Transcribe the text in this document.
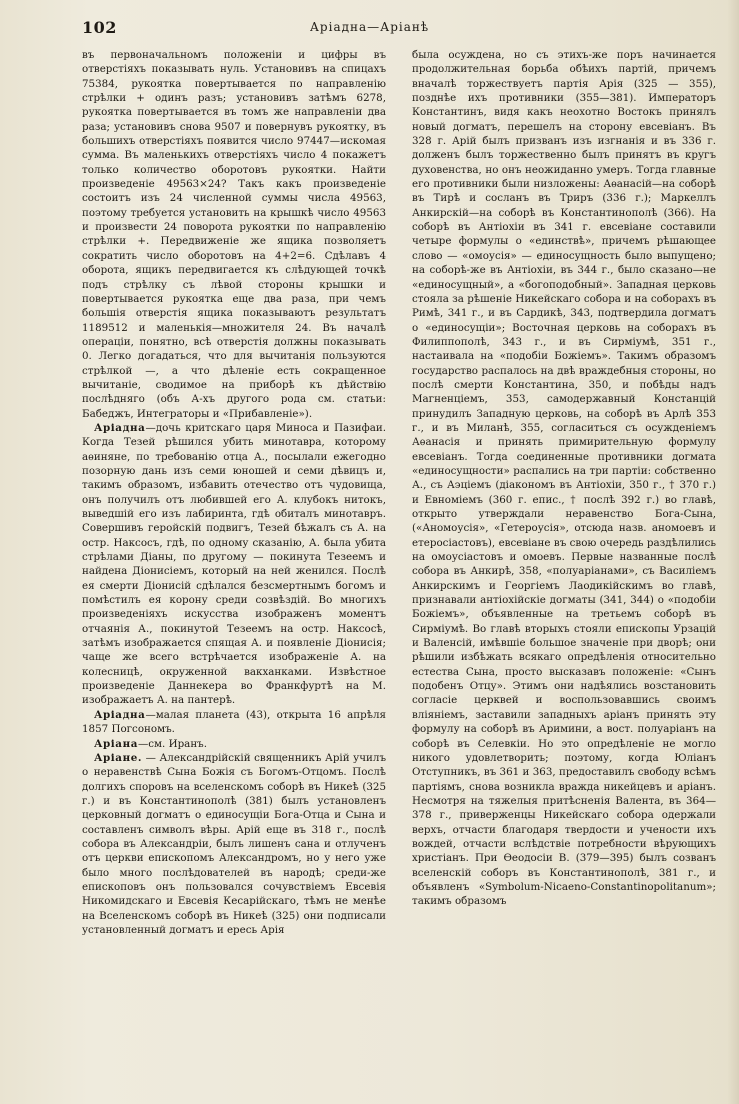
102	Аріадна—Аріанѣ

въ первоначальномъ положеніи и цифры въ отверстіяхъ показывать нуль. Установивъ на спицахъ 75384, рукоятка повертывается по направленію стрѣлки + одинъ разъ; установивъ затѣмъ 6278, рукоятка повертывается въ томъ же направленіи два раза; установивъ снова 9507 и повернувъ рукоятку, въ большихъ отверстіяхъ появится число 97447—искомая сумма. Въ маленькихъ отверстіяхъ число 4 покажетъ только количество оборотовъ рукоятки. Найти произведеніе 49563×24? Такъ какъ произведеніе состоитъ изъ 24 численной суммы числа 49563, поэтому требуется установить на крышкѣ число 49563 и произвести 24 поворота рукоятки по направленію стрѣлки +. Передвиженіе же ящика позволяетъ сократить число оборотовъ на 4+2=6. Сдѣлавъ 4 оборота, ящикъ передвигается къ слѣдующей точкѣ подъ стрѣлку съ лѣвой стороны крышки и повертывается рукоятка еще два раза, при чемъ большія отверстія ящика показываютъ результатъ 1189512 и маленькія—множителя 24. Въ началѣ операціи, понятно, всѣ отверстія должны показывать 0. Легко догадаться, что для вычитанія пользуются стрѣлкой —, а что дѣленіе есть сокращенное вычитаніе, сводимое на приборѣ къ дѣйствію послѣдняго (объ А-хъ другого рода см. статьи: Бабеджъ, Интеграторы и «Прибавленіе»).

Аріадна—дочь критскаго царя Миноса и Пазифаи. Когда Тезей рѣшился убить минотавра, которому аѳиняне, по требованію отца А., посылали ежегодно позорную дань изъ семи юношей и семи дѣвицъ и, такимъ образомъ, избавить отечество отъ чудовища, онъ получилъ отъ любившей его А. клубокъ нитокъ, выведшій его изъ лабиринта, гдѣ обиталъ минотавръ. Совершивъ геройскій подвигъ, Тезей бѣжалъ съ А. на остр. Наксосъ, гдѣ, по одному сказанію, А. была убита стрѣлами Діаны, по другому — покинута Тезеемъ и найдена Діонисіемъ, который на ней женился. Послѣ ея смерти Діонисій сдѣлался безсмертнымъ богомъ и помѣстилъ ея корону среди созвѣздій. Во многихъ произведеніяхъ искусства изображенъ моментъ отчаянія А., покинутой Тезеемъ на остр. Наксосѣ, затѣмъ изображается спящая А. и появленіе Діонисія; чаще же всего встрѣчается изображеніе А. на колесницѣ, окруженной вакханками. Извѣстное произведеніе Даннекера во Франкфуртѣ на М. изображаетъ А. на пантерѣ.

Аріадна—малая планета (43), открыта 16 апрѣля 1857 Погсономъ.

Аріана—см. Иранъ.

Аріане. — Александрійскій священникъ Арій училъ о неравенствѣ Сына Божія съ Богомъ-Отцомъ. Послѣ долгихъ споровъ на вселенскомъ соборѣ въ Никеѣ (325 г.) и въ Константинополѣ (381) былъ установленъ церковный догматъ о единосущіи Бога-Отца и Сына и составленъ символъ вѣры. Арій еще въ 318 г., послѣ собора въ Александріи, былъ лишенъ сана и отлученъ отъ церкви епископомъ Александромъ, но у него уже было много послѣдователей въ народѣ; среди-же епископовъ онъ пользовался сочувствіемъ Евсевія Никомидскаго и Евсевія Кесарійскаго, тѣмъ не менѣе на Вселенскомъ соборѣ въ Никеѣ (325) они подписали установленный догматъ и ересь Арія

была осуждена, но съ этихъ-же поръ начинается продолжительная борьба обѣихъ партій, причемъ вначалѣ торжествуетъ партія Арія (325 — 355), позднѣе ихъ противники (355—381). Императоръ Константинъ, видя какъ неохотно Востокъ принялъ новый догматъ, перешелъ на сторону евсевіанъ. Въ 328 г. Арій былъ призванъ изъ изгнанія и въ 336 г. долженъ былъ торжественно былъ принятъ въ кругъ духовенства, но онъ неожиданно умеръ. Тогда главные его противники были низложены: Аѳанасій—на соборѣ въ Тирѣ и сосланъ въ Триръ (336 г.); Маркеллъ Анкирскій—на соборѣ въ Константинополѣ (366). На соборѣ въ Антіохіи въ 341 г. евсевіане составили четыре формулы о «единствѣ», причемъ рѣшающее слово — «омоусія» — единосущность было выпущено; на соборѣ-же въ Антіохіи, въ 344 г., было сказано—не «единосущный», а «богоподобный». Западная церковь стояла за рѣшеніе Никейскаго собора и на соборахъ въ Римѣ, 341 г., и въ Сардикѣ, 343, подтвердила догматъ о «единосущіи»; Восточная церковь на соборахъ въ Филиппополѣ, 343 г., и въ Сирміумѣ, 351 г., настаивала на «подобіи Божіемъ». Такимъ образомъ государство распалось на двѣ враждебныя стороны, но послѣ смерти Константина, 350, и побѣды надъ Магненціемъ, 353, самодержавный Констанцій принудилъ Западную церковь, на соборѣ въ Арлѣ 353 г., и въ Миланѣ, 355, согласиться съ осужденіемъ Аѳанасія и принять примирительную формулу евсевіанъ. Тогда соединенные противники догмата «единосущности» распались на три партіи: собственно А., съ Аэціемъ (діакономъ въ Антіохіи, 350 г., † 370 г.) и Евноміемъ (360 г. епис., † послѣ 392 г.) во главѣ, открыто утверждали неравенство Бога-Сына, («Аномоусія», «Гетероусія», отсюда назв. аномоевъ и етеросіастовъ), евсевіане въ свою очередь раздѣлились на омоусіастовъ и омоевъ. Первые названные послѣ собора въ Анкирѣ, 358, «полуаріанами», съ Василіемъ Анкирскимъ и Георгіемъ Лаодикійскимъ во главѣ, признавали антіохійскіе догматы (341, 344) о «подобіи Божіемъ», объявленные на третьемъ соборѣ въ Сирміумѣ. Во главѣ вторыхъ стояли епископы Урзацій и Валенсій, имѣвшіе большое значеніе при дворѣ; они рѣшили избѣжать всякаго опредѣленія относительно естества Сына, просто высказавъ положеніе: «Сынъ подобенъ Отцу». Этимъ они надѣялись возстановить согласіе церквей и воспользовавшись своимъ вліяніемъ, заставили западныхъ аріанъ принять эту формулу на соборѣ въ Аримини, а вост. полуаріанъ на соборѣ въ Селевкіи. Но это опредѣленіе не могло никого удовлетворить; поэтому, когда Юліанъ Отступникъ, въ 361 и 363, предоставилъ свободу всѣмъ партіямъ, снова возникла вражда никейцевъ и аріанъ. Несмотря на тяжелыя притѣсненія Валента, въ 364—378 г., приверженцы Никейскаго собора одержали верхъ, отчасти благодаря твердости и учености ихъ вождей, отчасти вслѣдствіе потребности вѣрующихъ христіанъ. При Ѳеодосіи В. (379—395) былъ созванъ вселенскій соборъ въ Константинополѣ, 381 г., и объявленъ «Symbolum-Nicaeno-Constantinopolitanum»; такимъ образомъ
